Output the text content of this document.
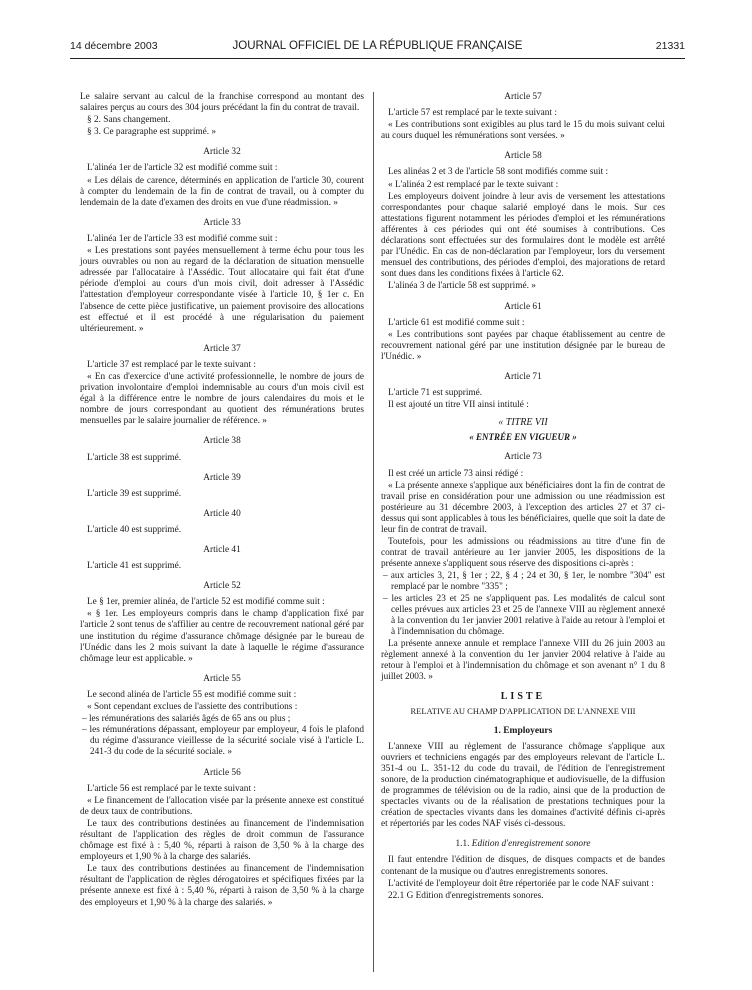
14 décembre 2003	JOURNAL OFFICIEL DE LA RÉPUBLIQUE FRANÇAISE	21331

Le salaire servant au calcul de la franchise correspond au montant des salaires perçus au cours des 304 jours précédant la fin du contrat de travail.

§ 2. Sans changement.

§ 3. Ce paragraphe est supprimé. »

Article 32

L'alinéa 1er de l'article 32 est modifié comme suit :

« Les délais de carence, déterminés en application de l'article 30, courent à compter du lendemain de la fin de contrat de travail, ou à compter du lendemain de la date d'examen des droits en vue d'une réadmission. »

Article 33

L'alinéa 1er de l'article 33 est modifié comme suit :

« Les prestations sont payées mensuellement à terme échu pour tous les jours ouvrables ou non au regard de la déclaration de situation mensuelle adressée par l'allocataire à l'Assédic. Tout allocataire qui fait état d'une période d'emploi au cours d'un mois civil, doit adresser à l'Assédic l'attestation d'employeur correspondante visée à l'article 10, § 1er c. En l'absence de cette pièce justificative, un paiement provisoire des allocations est effectué et il est procédé à une régularisation du paiement ultérieurement. »

Article 37

L'article 37 est remplacé par le texte suivant :

« En cas d'exercice d'une activité professionnelle, le nombre de jours de privation involontaire d'emploi indemnisable au cours d'un mois civil est égal à la différence entre le nombre de jours calendaires du mois et le nombre de jours correspondant au quotient des rémunérations brutes mensuelles par le salaire journalier de référence. »

Article 38

L'article 38 est supprimé.

Article 39

L'article 39 est supprimé.

Article 40

L'article 40 est supprimé.

Article 41

L'article 41 est supprimé.

Article 52

Le § 1er, premier alinéa, de l'article 52 est modifié comme suit :

« § 1er. Les employeurs compris dans le champ d'application fixé par l'article 2 sont tenus de s'affilier au centre de recouvrement national géré par une institution du régime d'assurance chômage désignée par le bureau de l'Unédic dans les 2 mois suivant la date à laquelle le régime d'assurance chômage leur est applicable. »

Article 55

Le second alinéa de l'article 55 est modifié comme suit :

« Sont cependant exclues de l'assiette des contributions :

– les rémunérations des salariés âgés de 65 ans ou plus ;
– les rémunérations dépassant, employeur par employeur, 4 fois le plafond du régime d'assurance vieillesse de la sécurité sociale visé à l'article L. 241-3 du code de la sécurité sociale. »
Article 56

L'article 56 est remplacé par le texte suivant :

« Le financement de l'allocation visée par la présente annexe est constitué de deux taux de contributions.

Le taux des contributions destinées au financement de l'indemnisation résultant de l'application des règles de droit commun de l'assurance chômage est fixé à : 5,40 %, réparti à raison de 3,50 % à la charge des employeurs et 1,90 % à la charge des salariés.

Le taux des contributions destinées au financement de l'indemnisation résultant de l'application de règles dérogatoires et spécifiques fixées par la présente annexe est fixé à : 5,40 %, réparti à raison de 3,50 % à la charge des employeurs et 1,90 % à la charge des salariés. »

Article 57

L'article 57 est remplacé par le texte suivant :

« Les contributions sont exigibles au plus tard le 15 du mois suivant celui au cours duquel les rémunérations sont versées. »

Article 58

Les alinéas 2 et 3 de l'article 58 sont modifiés comme suit :

« L'alinéa 2 est remplacé par le texte suivant :

Les employeurs doivent joindre à leur avis de versement les attestations correspondantes pour chaque salarié employé dans le mois. Sur ces attestations figurent notamment les périodes d'emploi et les rémunérations afférentes à ces périodes qui ont été soumises à contributions. Ces déclarations sont effectuées sur des formulaires dont le modèle est arrêté par l'Unédic. En cas de non-déclaration par l'employeur, lors du versement mensuel des contributions, des périodes d'emploi, des majorations de retard sont dues dans les conditions fixées à l'article 62.

L'alinéa 3 de l'article 58 est supprimé. »

Article 61

L'article 61 est modifié comme suit :

« Les contributions sont payées par chaque établissement au centre de recouvrement national géré par une institution désignée par le bureau de l'Unédic. »

Article 71

L'article 71 est supprimé.

Il est ajouté un titre VII ainsi intitulé :

« TITRE VII
« ENTRÉE EN VIGUEUR »
Article 73

Il est créé un article 73 ainsi rédigé :

« La présente annexe s'applique aux bénéficiaires dont la fin de contrat de travail prise en considération pour une admission ou une réadmission est postérieure au 31 décembre 2003, à l'exception des articles 27 et 37 ci-dessus qui sont applicables à tous les bénéficiaires, quelle que soit la date de leur fin de contrat de travail.

Toutefois, pour les admissions ou réadmissions au titre d'une fin de contrat de travail antérieure au 1er janvier 2005, les dispositions de la présente annexe s'appliquent sous réserve des dispositions ci-après :

– aux articles 3, 21, § 1er ; 22, § 4 ; 24 et 30, § 1er, le nombre "304" est remplacé par le nombre "335" ;
– les articles 23 et 25 ne s'appliquent pas. Les modalités de calcul sont celles prévues aux articles 23 et 25 de l'annexe VIII au règlement annexé à la convention du 1er janvier 2001 relative à l'aide au retour à l'emploi et à l'indemnisation du chômage.

La présente annexe annule et remplace l'annexe VIII du 26 juin 2003 au règlement annexé à la convention du 1er janvier 2004 relative à l'aide au retour à l'emploi et à l'indemnisation du chômage et son avenant n° 1 du 8 juillet 2003. »

LISTE
RELATIVE AU CHAMP D'APPLICATION DE L'ANNEXE VIII
1. Employeurs

L'annexe VIII au règlement de l'assurance chômage s'applique aux ouvriers et techniciens engagés par des employeurs relevant de l'article L. 351-4 ou L. 351-12 du code du travail, de l'édition de l'enregistrement sonore, de la production cinématographique et audiovisuelle, de la diffusion de programmes de télévision ou de la radio, ainsi que de la production de spectacles vivants ou de la réalisation de prestations techniques pour la création de spectacles vivants dans les domaines d'activité définis ci-après et répertoriés par les codes NAF visés ci-dessous.

1.1. Edition d'enregistrement sonore

Il faut entendre l'édition de disques, de disques compacts et de bandes contenant de la musique ou d'autres enregistrements sonores.

L'activité de l'employeur doit être répertoriée par le code NAF suivant :

22.1 G Edition d'enregistrements sonores.
